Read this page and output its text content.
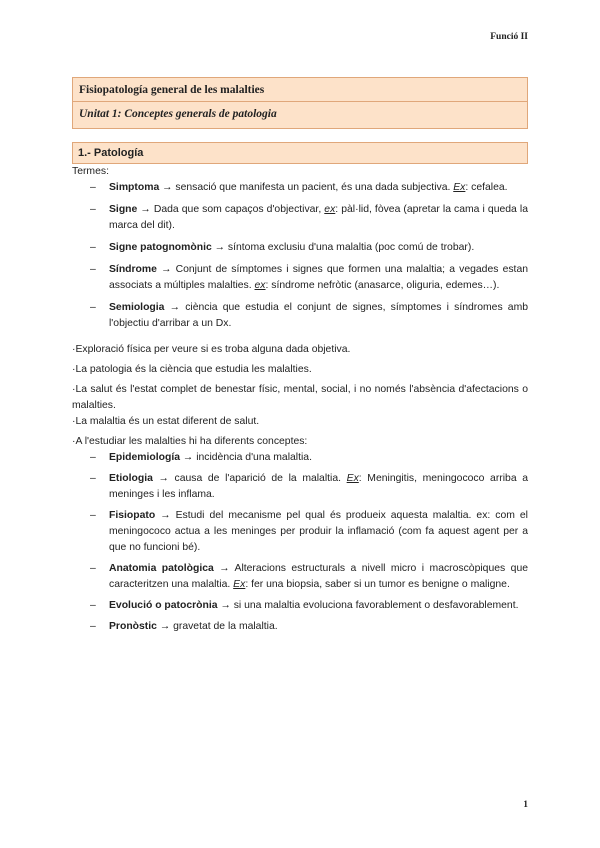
Funció II
Fisiopatología general de les malalties
Unitat 1: Conceptes generals de patologia
1.- Patología

Termes:

– Simptoma → sensació que manifesta un pacient, és una dada subjectiva. Ex: cefalea.
– Signe → Dada que som capaços d'objectivar, ex: pàl·lid, fòvea (apretar la cama i queda la marca del dit).
– Signe patognomònic → síntoma exclusiu d'una malaltia (poc comú de trobar).
– Síndrome → Conjunt de símptomes i signes que formen una malaltia; a vegades estan associats a múltiples malalties. ex: síndrome nefròtic (anasarce, oliguria, edemes…).
– Semiologia → ciència que estudia el conjunt de signes, símptomes i síndromes amb l'objectiu d'arribar a un Dx.

·Exploració física per veure si es troba alguna dada objetiva.

·La patologia és la ciència que estudia les malalties.

·La salut és l'estat complet de benestar físic, mental, social, i no només l'absència d'afectacions o malalties.

·La malaltia és un estat diferent de salut.

·A l'estudiar les malalties hi ha diferents conceptes:

– Epidemiología → incidència d'una malaltia.
– Etiologia → causa de l'aparició de la malaltia. Ex: Meningitis, meningococo arriba a meninges i les inflama.
– Fisiopato → Estudi del mecanisme pel qual és produeix aquesta malaltia. ex: com el meningococo actua a les meninges per produir la inflamació (com fa aquest agent per a que no funcioni bé).
– Anatomia patològica → Alteracions estructurals a nivell micro i macroscòpiques que caracteritzen una malaltia. Ex: fer una biopsia, saber si un tumor es benigne o maligne.
– Evolució o patocrònia → si una malaltia evoluciona favorablement o desfavorablement.
– Pronòstic → gravetat de la malaltia.
1
